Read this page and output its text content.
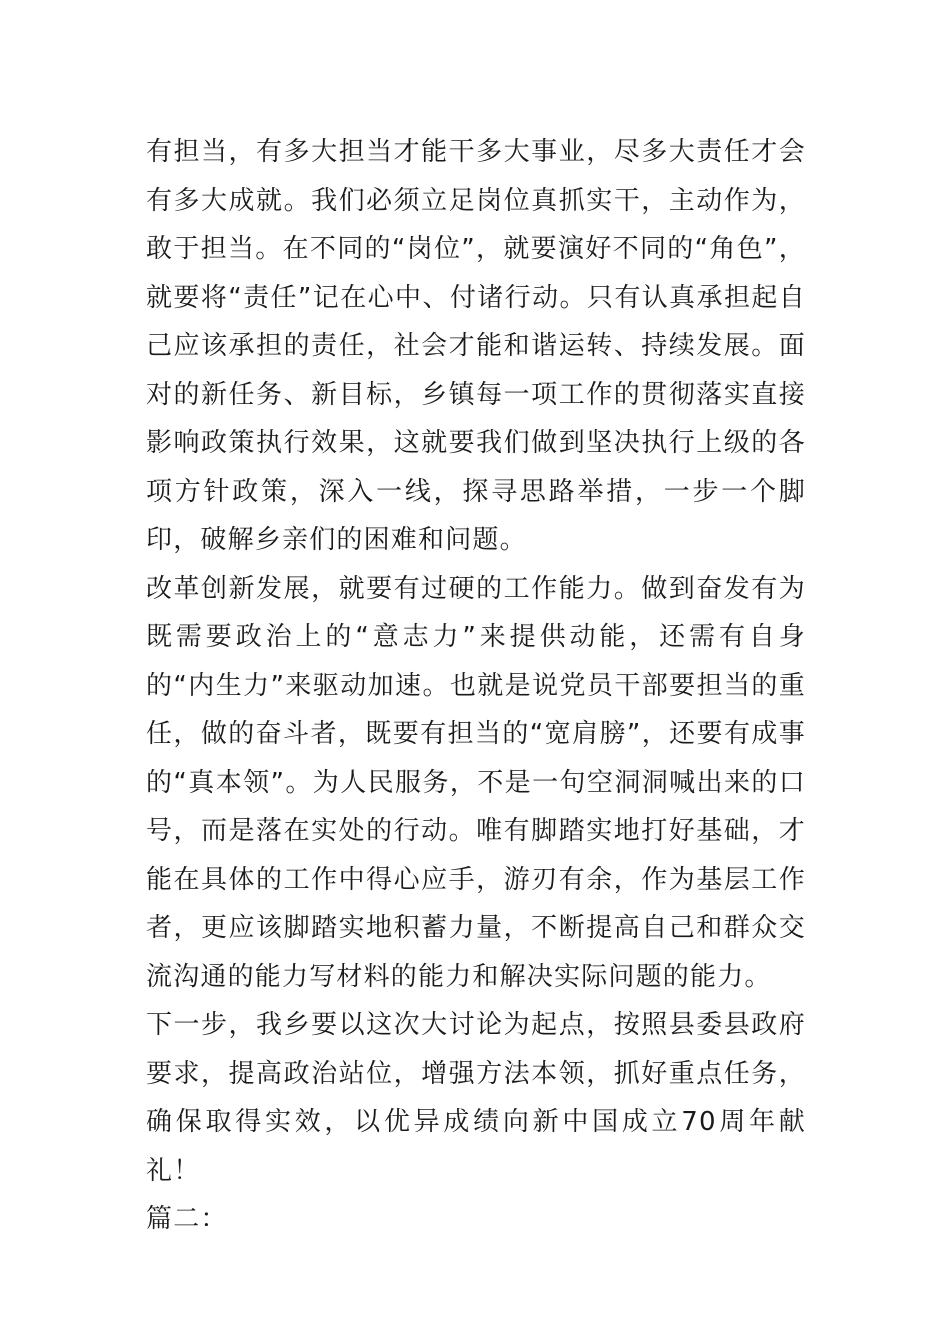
有担当，有多大担当才能干多大事业，尽多大责任才会有多大成就。我们必须立足岗位真抓实干，主动作为，敢于担当。在不同的“岗位”，就要演好不同的“角色”，就要将“责任”记在心中、付诸行动。只有认真承担起自己应该承担的责任，社会才能和谐运转、持续发展。面对的新任务、新目标，乡镇每一项工作的贯彻落实直接影响政策执行效果，这就要我们做到坚决执行上级的各项方针政策，深入一线，探寻思路举措，一步一个脚印，破解乡亲们的困难和问题。

改革创新发展，就要有过硬的工作能力。做到奋发有为既需要政治上的“意志力”来提供动能，还需有自身的“内生力”来驱动加速。也就是说党员干部要担当的重任，做的奋斗者，既要有担当的“宽肩膀”，还要有成事的“真本领”。为人民服务，不是一句空洞洞喊出来的口号，而是落在实处的行动。唯有脚踏实地打好基础，才能在具体的工作中得心应手，游刃有余，作为基层工作者，更应该脚踏实地积蓄力量，不断提高自己和群众交流沟通的能力写材料的能力和解决实际问题的能力。

下一步，我乡要以这次大讨论为起点，按照县委县政府要求，提高政治站位，增强方法本领，抓好重点任务，确保取得实效，以优异成绩向新中国成立70周年献礼！

篇二：
